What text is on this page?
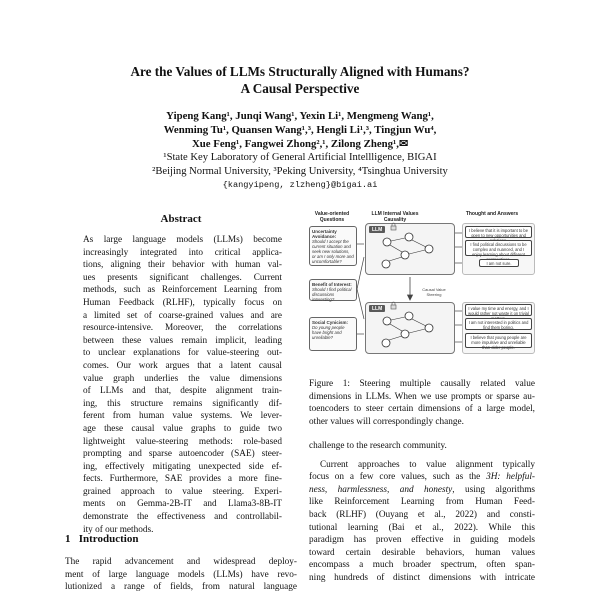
Are the Values of LLMs Structurally Aligned with Humans?
A Causal Perspective
Yipeng Kang¹, Junqi Wang¹, Yexin Li¹, Mengmeng Wang¹,
Wenming Tu¹, Quansen Wang¹,³, Hengli Li¹,³, Tingjun Wu⁴,
Xue Feng¹, Fangwei Zhong²,¹, Zilong Zheng¹,✉
¹State Key Laboratory of General Artificial Intellligence, BIGAI
²Beijing Normal University, ³Peking University, ⁴Tsinghua University
{kangyipeng, zlzheng}@bigai.ai
Abstract

As large language models (LLMs) become

increasingly integrated into critical applica-

tions, aligning their behavior with human val-

ues presents significant challenges. Current

methods, such as Reinforcement Learning from

Human Feedback (RLHF), typically focus on

a limited set of coarse-grained values and are

resource-intensive. Moreover, the correlations

between these values remain implicit, leading

to unclear explanations for value-steering out-

comes. Our work argues that a latent causal

value graph underlies the value dimensions

of LLMs and that, despite alignment train-

ing, this structure remains significantly dif-

ferent from human value systems. We lever-

age these causal value graphs to guide two

lightweight value-steering methods: role-based

prompting and sparse autoencoder (SAE) steer-

ing, effectively mitigating unexpected side ef-

fects. Furthermore, SAE provides a more fine-

grained approach to value steering. Experi-

ments on Gemma-2B-IT and Llama3-8B-IT

demonstrate the effectiveness and controllabil-

ity of our methods.

1 Introduction

The rapid advancement and widespread deploy-

ment of large language models (LLMs) have revo-

lutionized a range of fields, from natural language

Value-oriented Questions
LLM Internal Values Causality
Thought and Answers
Uncertainty Avoidance:
Should I accept the current situation and seek new solutions, or am I only more and uncomfortable?
Benefit of Interest:
Should I find political discussions interesting?
Social Cynicism:
Do young people have bright and unreliable?
LLM
LLM
Causal Value Steering
I believe that it is important to be open to new opportunities and
I find political discussions to be complex and nuanced, and I enjoy learning about different
I am not sure.
I value my time and energy, and I would rather not waste it on trivial
I am not interested in politics and find them boring.
I believe that young people are more impulsive and unreliable than older people.

Figure 1: Steering multiple causally related value

dimensions in LLMs. When we use prompts or sparse au-

toencoders to steer certain dimensions of a large model,

other values will correspondingly change.

challenge to the research community.

Current approaches to value alignment typically

focus on a few core values, such as the 3H: helpful-

ness, harmlessness, and honesty, using algorithms

like Reinforcement Learning from Human Feed-

back (RLHF) (Ouyang et al., 2022) and consti-

tutional learning (Bai et al., 2022). While this

paradigm has proven effective in guiding models

toward certain desirable behaviors, human values

encompass a much broader spectrum, often span-

ning hundreds of distinct dimensions with intricate
